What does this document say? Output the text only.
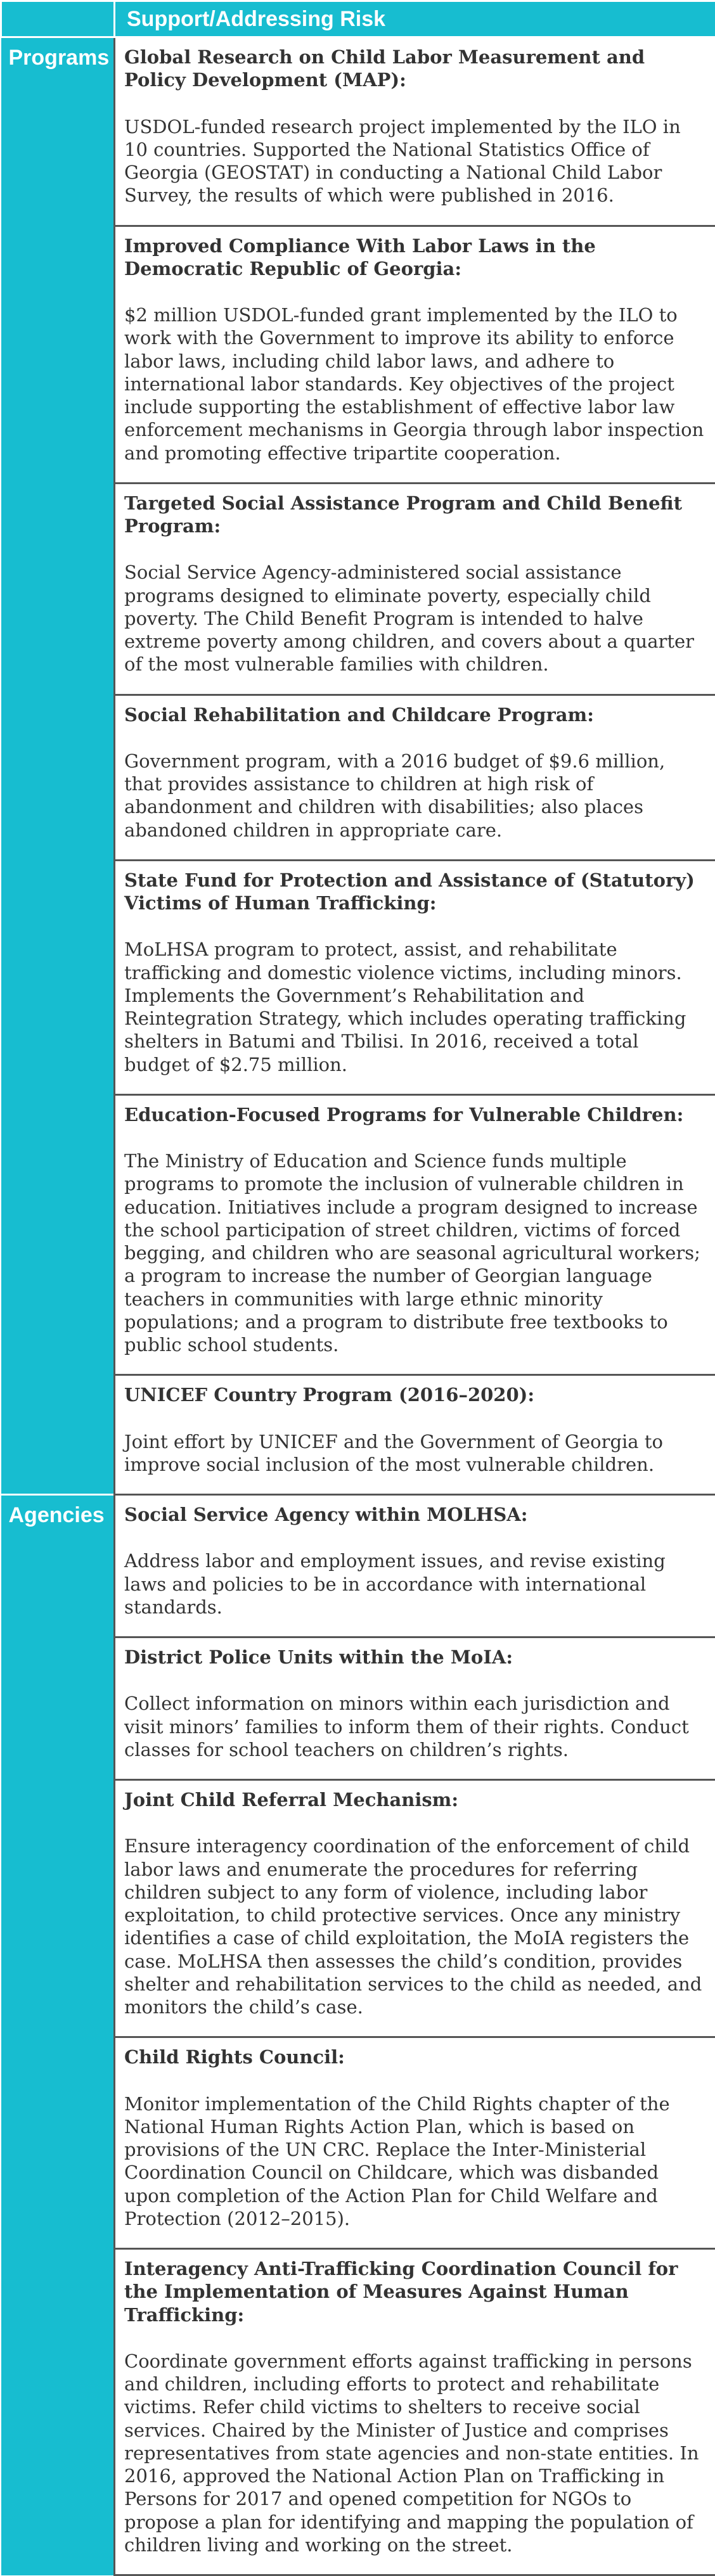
	Support/Addressing Risk
Programs	Global Research on Child Labor Measurement and Policy Development (MAP):

USDOL-funded research project implemented by the ILO in 10 countries. Supported the National Statistics Office of Georgia (GEOSTAT) in conducting a National Child Labor Survey, the results of which were published in 2016.

	Improved Compliance With Labor Laws in the Democratic Republic of Georgia:

$2 million USDOL-funded grant implemented by the ILO to work with the Government to improve its ability to enforce labor laws, including child labor laws, and adhere to international labor standards. Key objectives of the project include supporting the establishment of effective labor law enforcement mechanisms in Georgia through labor inspection and promoting effective tripartite cooperation.

	Targeted Social Assistance Program and Child Benefit Program:

Social Service Agency-administered social assistance programs designed to eliminate poverty, especially child poverty. The Child Benefit Program is intended to halve extreme poverty among children, and covers about a quarter of the most vulnerable families with children.

	Social Rehabilitation and Childcare Program:

Government program, with a 2016 budget of $9.6 million, that provides assistance to children at high risk of abandonment and children with disabilities; also places abandoned children in appropriate care.

	State Fund for Protection and Assistance of (Statutory) Victims of Human Trafficking:

MoLHSA program to protect, assist, and rehabilitate trafficking and domestic violence victims, including minors. Implements the Government’s Rehabilitation and Reintegration Strategy, which includes operating trafficking shelters in Batumi and Tbilisi. In 2016, received a total budget of $2.75 million.

	Education-Focused Programs for Vulnerable Children:

The Ministry of Education and Science funds multiple programs to promote the inclusion of vulnerable children in education. Initiatives include a program designed to increase the school participation of street children, victims of forced begging, and children who are seasonal agricultural workers; a program to increase the number of Georgian language teachers in communities with large ethnic minority populations; and a program to distribute free textbooks to public school students.

	UNICEF Country Program (2016–2020):

Joint effort by UNICEF and the Government of Georgia to improve social inclusion of the most vulnerable children.

Agencies	Social Service Agency within MOLHSA:

Address labor and employment issues, and revise existing laws and policies to be in accordance with international standards.

	District Police Units within the MoIA:

Collect information on minors within each jurisdiction and visit minors’ families to inform them of their rights. Conduct classes for school teachers on children’s rights.

	Joint Child Referral Mechanism:

Ensure interagency coordination of the enforcement of child labor laws and enumerate the procedures for referring children subject to any form of violence, including labor exploitation, to child protective services. Once any ministry identifies a case of child exploitation, the MoIA registers the case. MoLHSA then assesses the child’s condition, provides shelter and rehabilitation services to the child as needed, and monitors the child’s case.

	Child Rights Council:

Monitor implementation of the Child Rights chapter of the National Human Rights Action Plan, which is based on provisions of the UN CRC. Replace the Inter-Ministerial Coordination Council on Childcare, which was disbanded upon completion of the Action Plan for Child Welfare and Protection (2012–2015).

	Interagency Anti-Trafficking Coordination Council for the Implementation of Measures Against Human Trafficking:

Coordinate government efforts against trafficking in persons and children, including efforts to protect and rehabilitate victims. Refer child victims to shelters to receive social services. Chaired by the Minister of Justice and comprises representatives from state agencies and non-state entities. In 2016, approved the National Action Plan on Trafficking in Persons for 2017 and opened competition for NGOs to propose a plan for identifying and mapping the population of children living and working on the street.
